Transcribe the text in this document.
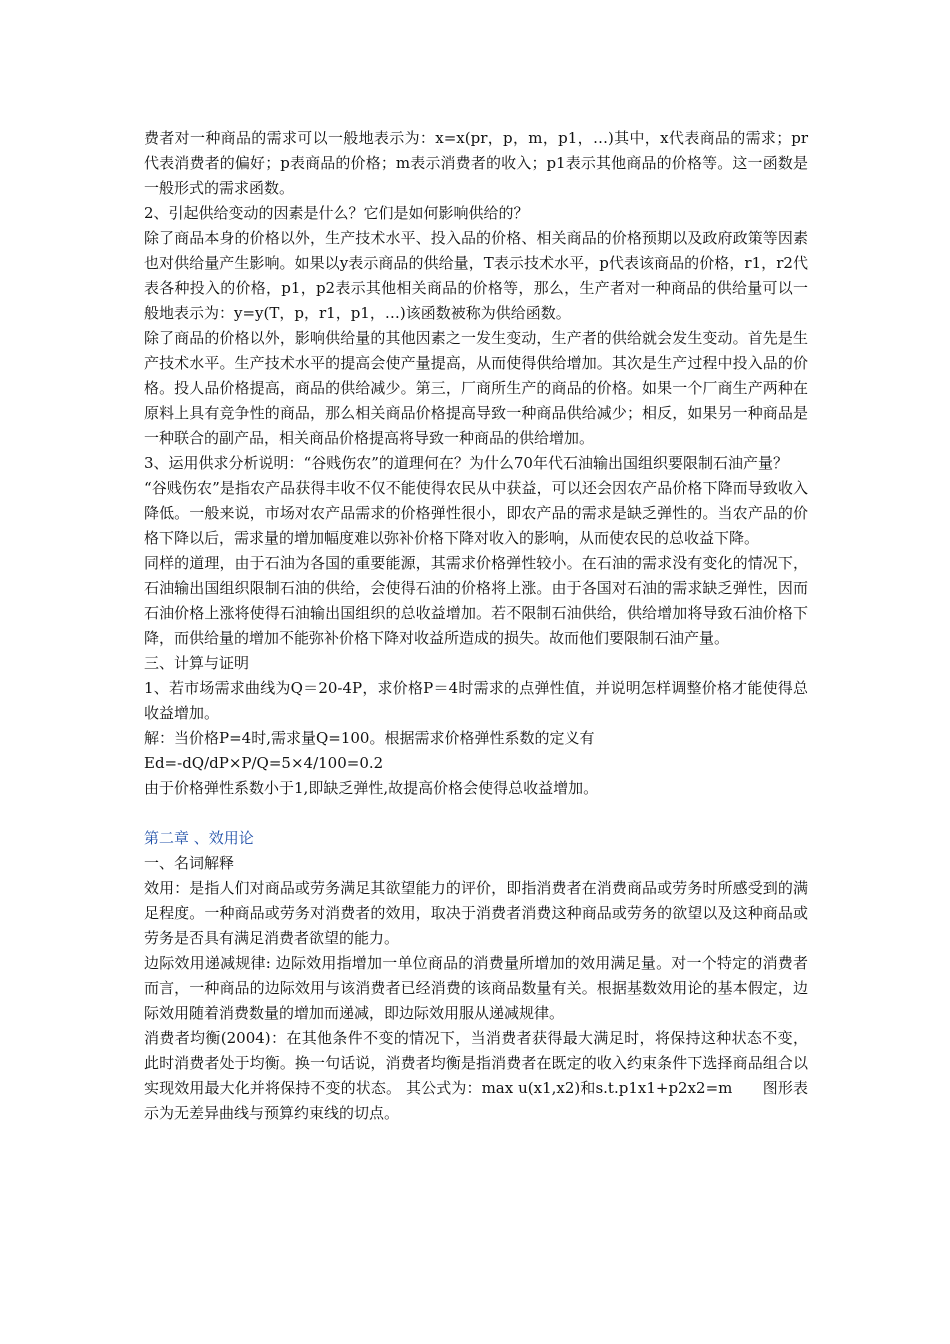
费者对一种商品的需求可以一般地表示为：x=x(pr，p，m，p1，…)其中，x代表商品的需求；pr代表消费者的偏好；p表商品的价格；m表示消费者的收入；p1表示其他商品的价格等。这一函数是一般形式的需求函数。

2、引起供给变动的因素是什么？它们是如何影响供给的？

除了商品本身的价格以外，生产技术水平、投入品的价格、相关商品的价格预期以及政府政策等因素也对供给量产生影响。如果以y表示商品的供给量，T表示技术水平，p代表该商品的价格，r1，r2代表各种投入的价格，p1，p2表示其他相关商品的价格等，那么，生产者对一种商品的供给量可以一般地表示为：y=y(T，p，r1，p1，…)该函数被称为供给函数。

除了商品的价格以外，影响供给量的其他因素之一发生变动，生产者的供给就会发生变动。首先是生产技术水平。生产技术水平的提高会使产量提高，从而使得供给增加。其次是生产过程中投入品的价格。投人品价格提高，商品的供给减少。第三，厂商所生产的商品的价格。如果一个厂商生产两种在原料上具有竞争性的商品，那么相关商品价格提高导致一种商品供给减少；相反，如果另一种商品是一种联合的副产品，相关商品价格提高将导致一种商品的供给增加。

3、运用供求分析说明：“谷贱伤农”的道理何在？为什么70年代石油输出国组织要限制石油产量？

“谷贱伤农”是指农产品获得丰收不仅不能使得农民从中获益，可以还会因农产品价格下降而导致收入降低。一般来说，市场对农产品需求的价格弹性很小，即农产品的需求是缺乏弹性的。当农产品的价格下降以后，需求量的增加幅度难以弥补价格下降对收入的影响，从而使农民的总收益下降。

同样的道理，由于石油为各国的重要能源，其需求价格弹性较小。在石油的需求没有变化的情况下，石油输出国组织限制石油的供给，会使得石油的价格将上涨。由于各国对石油的需求缺乏弹性，因而石油价格上涨将使得石油输出国组织的总收益增加。若不限制石油供给，供给增加将导致石油价格下降，而供给量的增加不能弥补价格下降对收益所造成的损失。故而他们要限制石油产量。

三、计算与证明

1、若市场需求曲线为Q＝20-4P，求价格P＝4时需求的点弹性值，并说明怎样调整价格才能使得总收益增加。

解：当价格P=4时,需求量Q=100。根据需求价格弹性系数的定义有

Ed=-dQ/dP×P/Q=5×4/100=0.2

由于价格弹性系数小于1,即缺乏弹性,故提高价格会使得总收益增加。

第二章 、效用论

一、名词解释

效用：是指人们对商品或劳务满足其欲望能力的评价，即指消费者在消费商品或劳务时所感受到的满足程度。一种商品或劳务对消费者的效用，取决于消费者消费这种商品或劳务的欲望以及这种商品或劳务是否具有满足消费者欲望的能力。

边际效用递减规律: 边际效用指增加一单位商品的消费量所增加的效用满足量。对一个特定的消费者而言，一种商品的边际效用与该消费者已经消费的该商品数量有关。根据基数效用论的基本假定，边际效用随着消费数量的增加而递减，即边际效用服从递减规律。

消费者均衡(2004)：在其他条件不变的情况下，当消费者获得最大满足时，将保持这种状态不变，此时消费者处于均衡。换一句话说，消费者均衡是指消费者在既定的收入约束条件下选择商品组合以实现效用最大化并将保持不变的状态。 其公式为：max u(x1,x2)和s.t.p1x1+p2x2=m　　图形表示为无差异曲线与预算约束线的切点。
